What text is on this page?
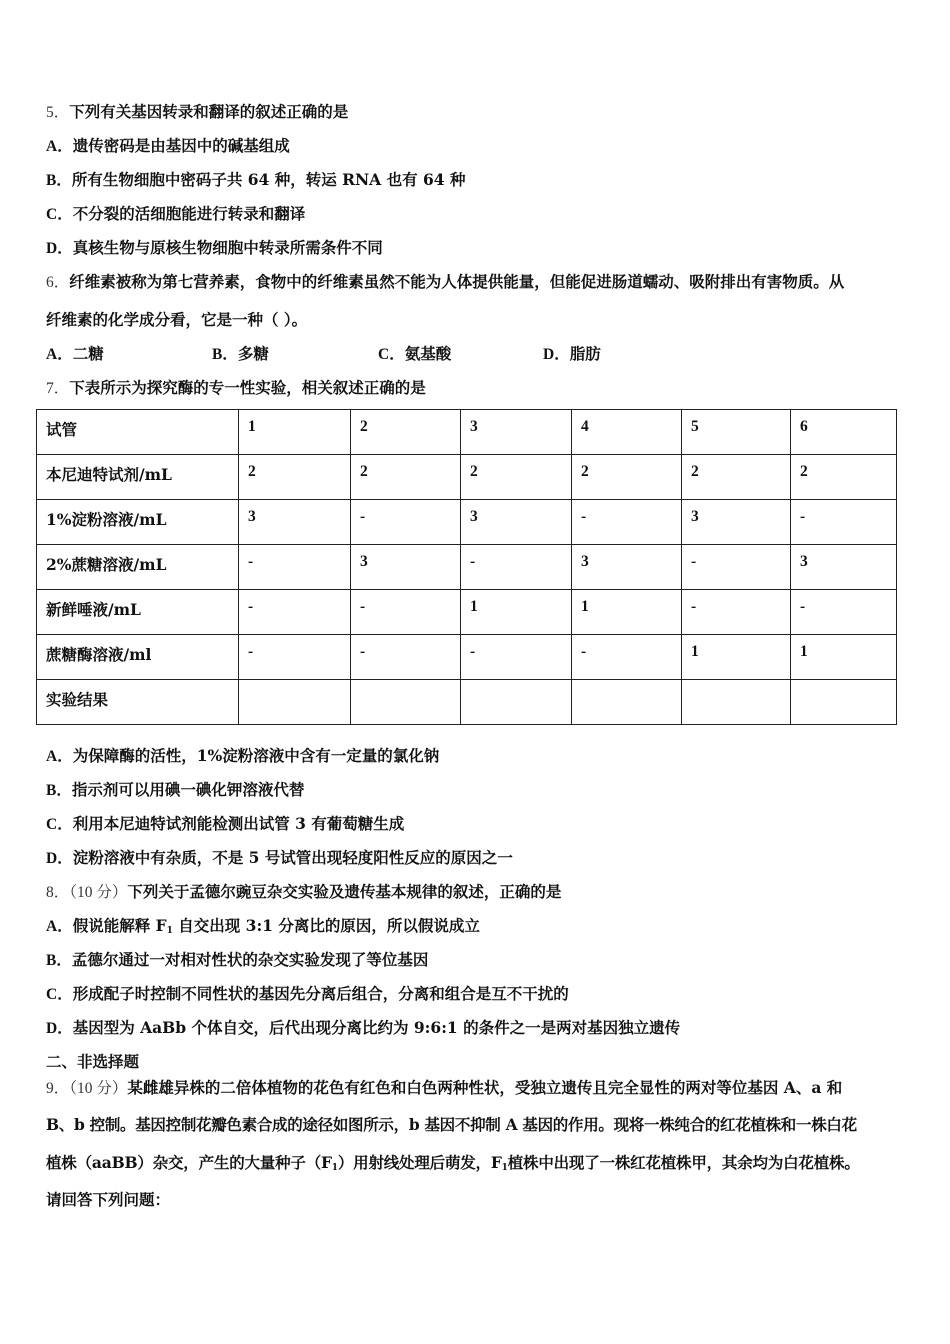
5．下列有关基因转录和翻译的叙述正确的是
A．遗传密码是由基因中的碱基组成
B．所有生物细胞中密码子共 64 种，转运 RNA 也有 64 种
C．不分裂的活细胞能进行转录和翻译
D．真核生物与原核生物细胞中转录所需条件不同
6．纤维素被称为第七营养素，食物中的纤维素虽然不能为人体提供能量，但能促进肠道蠕动、吸附排出有害物质。从
纤维素的化学成分看，它是一种（ ）。
A．二糖	B．多糖	C．氨基酸	D．脂肪
7．下表所示为探究酶的专一性实验，相关叙述正确的是
试管	1	2	3	4	5	6
本尼迪特试剂/mL	2	2	2	2	2	2
1%淀粉溶液/mL	3	-	3	-	3	-
2%蔗糖溶液/mL	-	3	-	3	-	3
新鲜唾液/mL	-	-	1	1	-	-
蔗糖酶溶液/ml	-	-	-	-	1	1
实验结果						
A．为保障酶的活性，1%淀粉溶液中含有一定量的氯化钠
B．指示剂可以用碘一碘化钾溶液代替
C．利用本尼迪特试剂能检测出试管 3 有葡萄糖生成
D．淀粉溶液中有杂质，不是 5 号试管出现轻度阳性反应的原因之一
8．（10 分）下列关于孟德尔豌豆杂交实验及遗传基本规律的叙述，正确的是
A．假说能解释 $F_1$ 自交出现 3:1 分离比的原因，所以假说成立
B．孟德尔通过一对相对性状的杂交实验发现了等位基因
C．形成配子时控制不同性状的基因先分离后组合，分离和组合是互不干扰的
D．基因型为 AaBb 个体自交，后代出现分离比约为 9:6:1 的条件之一是两对基因独立遗传
二、非选择题
9．（10 分）某雌雄异株的二倍体植物的花色有红色和白色两种性状，受独立遗传且完全显性的两对等位基因 A、a 和
B、b 控制。基因控制花瓣色素合成的途径如图所示，b 基因不抑制 A 基因的作用。现将一株纯合的红花植株和一株白花
植株（aaBB）杂交，产生的大量种子$(F_1)$用射线处理后萌发，$F_1$植株中出现了一株红花植株甲，其余均为白花植株。
请回答下列问题：
